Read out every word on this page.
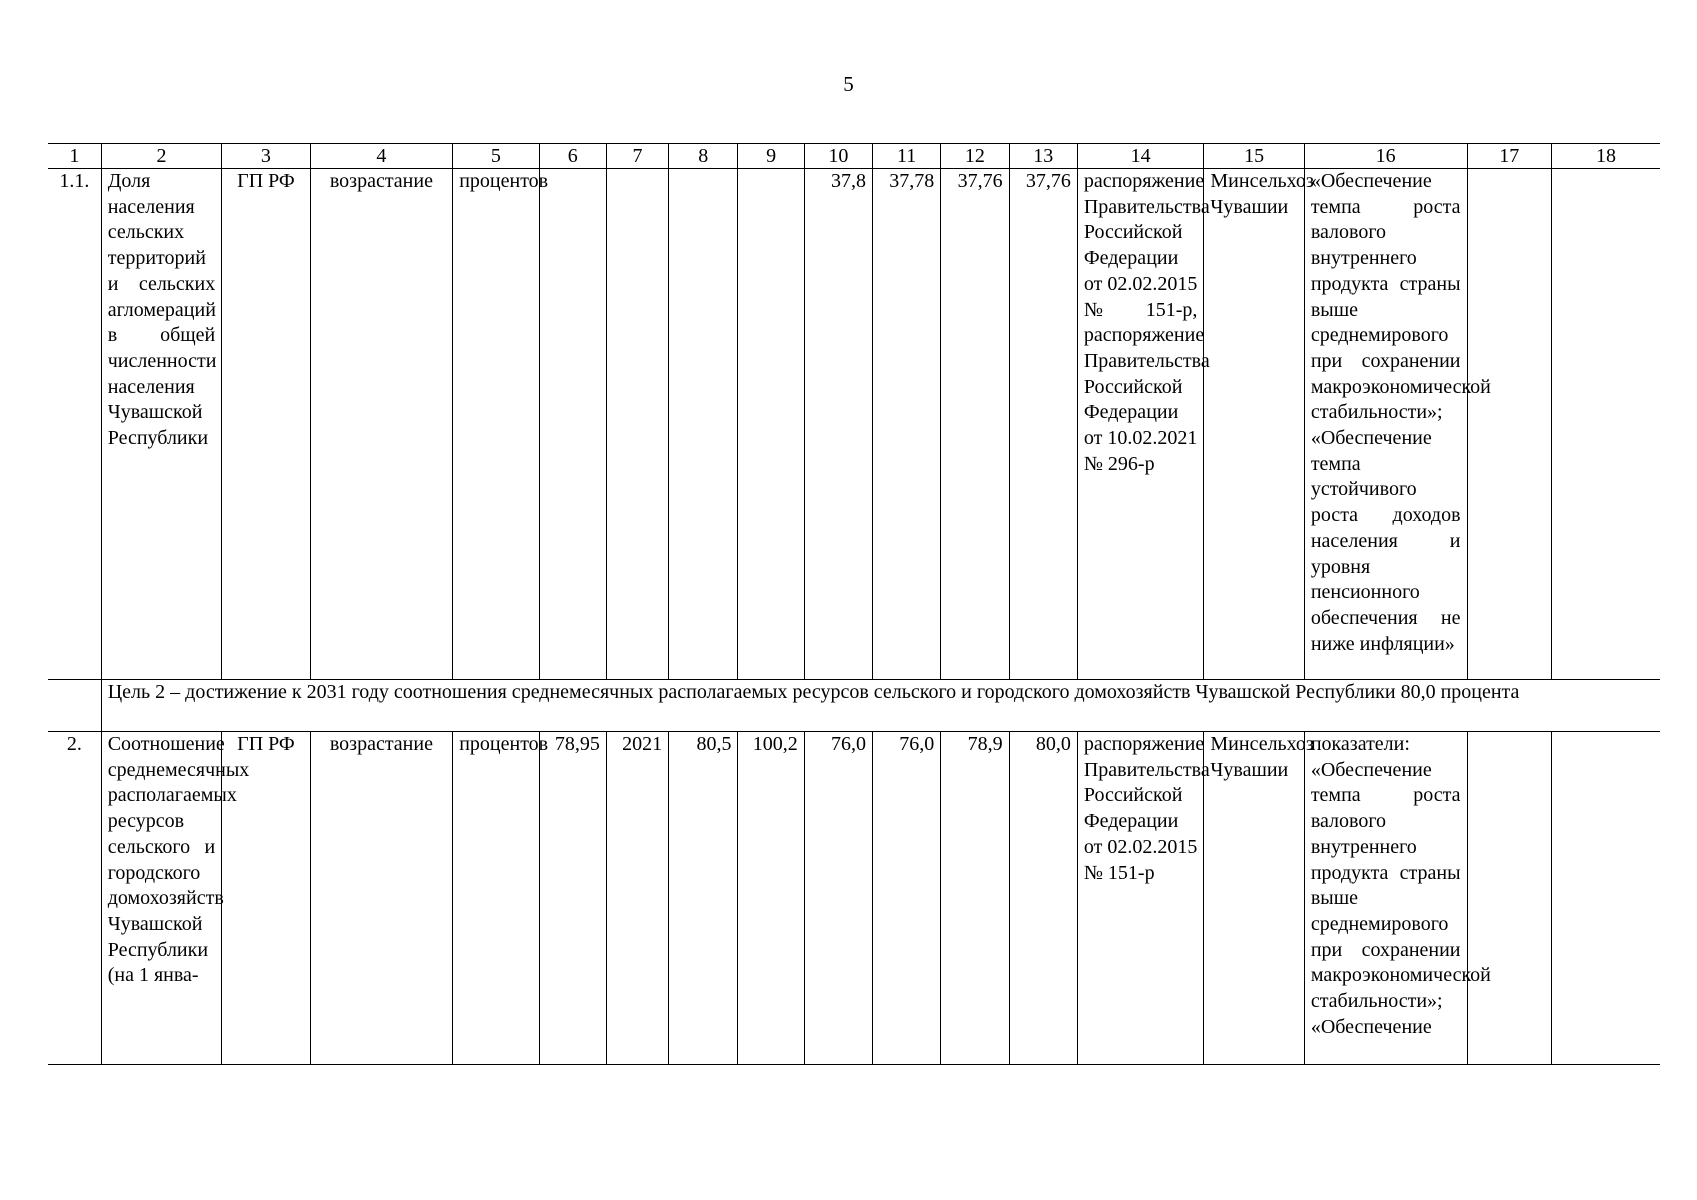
5
1	2	3	4	5	6	7	8	9	10	11	12	13	14	15	16	17	18
1.1.	Доля населения сельских территорий и сельских агломераций в общей численности населения Чувашской Республики	ГП РФ	возрастание	процентов					37,8	37,78	37,76	37,76	распоряжение Правительства Российской Федерации от 02.02.2015 № 151-р, распоряжение Правительства Российской Федерации от 10.02.2021 № 296-р	Минсельхоз Чувашии	«Обеспечение темпа роста валового внутреннего продукта страны выше среднемирового при сохранении макроэкономической стабильности»; «Обеспечение темпа устойчивого роста доходов населения и уровня пенсионного обеспечения не ниже инфляции»		
	Цель 2 – достижение к 2031 году соотношения среднемесячных располагаемых ресурсов сельского и городского домохозяйств Чувашской Республики 80,0 процента																
2.	Соотношение среднемесячных располагаемых ресурсов сельского и городского домохозяйств Чувашской Республики (на 1 янва-	ГП РФ	возрастание	процентов	78,95	2021	80,5	100,2	76,0	76,0	78,9	80,0	распоряжение Правительства Российской Федерации от 02.02.2015 № 151-р	Минсельхоз Чувашии	показатели: «Обеспечение темпа роста валового внутреннего продукта страны выше среднемирового при сохранении макроэкономической стабильности»; «Обеспечение		
